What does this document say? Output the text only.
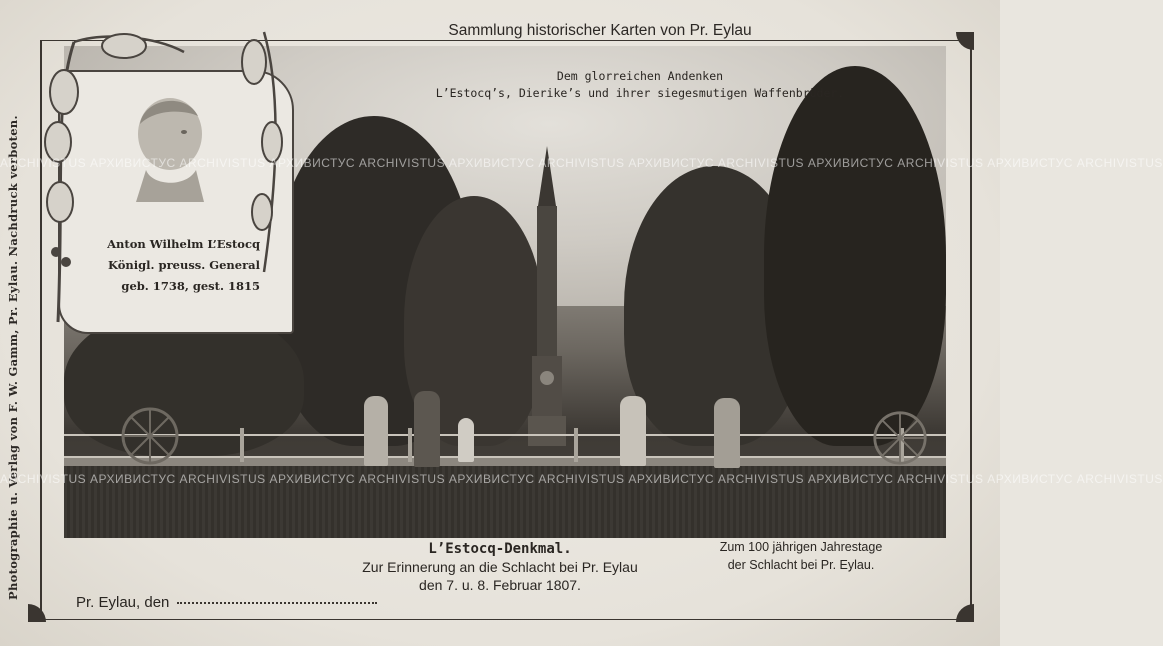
Sammlung historischer Karten von Pr. Eylau
Photographie u. Verlag von F. W. Gamm, Pr. Eylau. Nachdruck verboten.
Dem glorreichen Andenken
L’Estocq’s, Dierike’s und ihrer siegesmutigen Waffenbrüder.
Anton Wilhelm L’Estocq
Königl. preuss. General
geb. 1738, gest. 1815
L’Estocq-Denkmal.
Zur Erinnerung an die Schlacht bei Pr. Eylau
den 7. u. 8. Februar 1807.
Zum 100 jährigen Jahrestage
der Schlacht bei Pr. Eylau.
Pr. Eylau, den
ARCHIVISTUS АРХИВИСТУС ARCHIVISTUS АРХИВИСТУС ARCHIVISTUS АРХИВИСТУС ARCHIVISTUS АРХИВИСТУС ARCHIVISTUS АРХИВИСТУС ARCHIVISTUS АРХИВИСТУС ARCHIVISTUS
ARCHIVISTUS АРХИВИСТУС ARCHIVISTUS АРХИВИСТУС ARCHIVISTUS АРХИВИСТУС ARCHIVISTUS АРХИВИСТУС ARCHIVISTUS АРХИВИСТУС ARCHIVISTUS АРХИВИСТУС ARCHIVISTUS
